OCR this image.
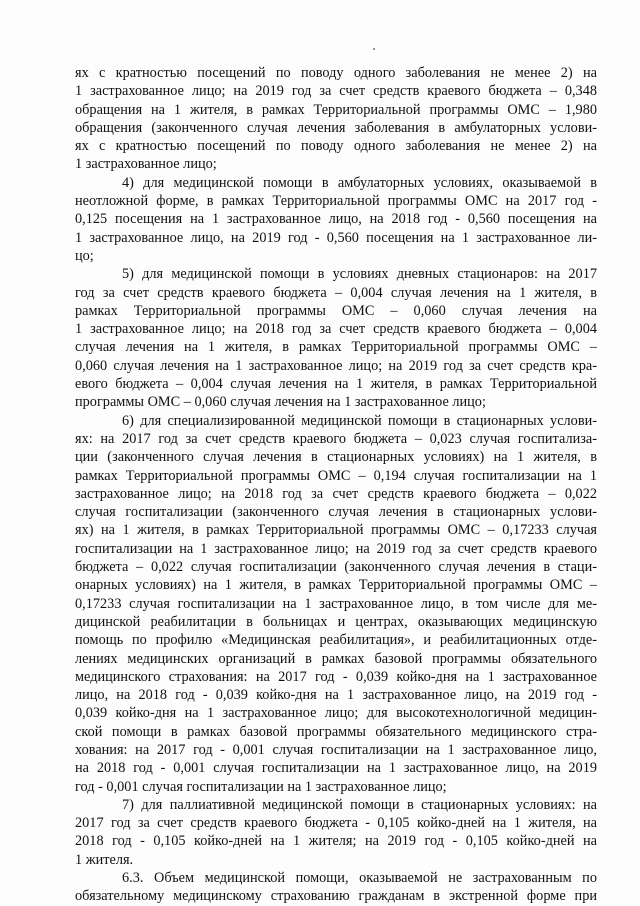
ях с кратностью посещений по поводу одного заболевания не менее 2) на
1 застрахованное лицо; на 2019 год за счет средств краевого бюджета – 0,348
обращения на 1 жителя, в рамках Территориальной программы ОМС – 1,980
обращения (законченного случая лечения заболевания в амбулаторных услови-
ях с кратностью посещений по поводу одного заболевания не менее 2) на
1 застрахованное лицо;
4) для медицинской помощи в амбулаторных условиях, оказываемой в
неотложной форме, в рамках Территориальной программы ОМС на 2017 год -
0,125 посещения на 1 застрахованное лицо, на 2018 год - 0,560 посещения на
1 застрахованное лицо, на 2019 год - 0,560 посещения на 1 застрахованное ли-
цо;
5) для медицинской помощи в условиях дневных стационаров: на 2017
год за счет средств краевого бюджета – 0,004 случая лечения на 1 жителя, в
рамках Территориальной программы ОМС – 0,060 случая лечения на
1 застрахованное лицо; на 2018 год за счет средств краевого бюджета – 0,004
случая лечения на 1 жителя, в рамках Территориальной программы ОМС –
0,060 случая лечения на 1 застрахованное лицо; на 2019 год за счет средств кра-
евого бюджета – 0,004 случая лечения на 1 жителя, в рамках Территориальной
программы ОМС – 0,060 случая лечения на 1 застрахованное лицо;
6) для специализированной медицинской помощи в стационарных услови-
ях: на 2017 год за счет средств краевого бюджета – 0,023 случая госпитализа-
ции (законченного случая лечения в стационарных условиях) на 1 жителя, в
рамках Территориальной программы ОМС – 0,194 случая госпитализации на 1
застрахованное лицо; на 2018 год за счет средств краевого бюджета – 0,022
случая госпитализации (законченного случая лечения в стационарных услови-
ях) на 1 жителя, в рамках Территориальной программы ОМС – 0,17233 случая
госпитализации на 1 застрахованное лицо; на 2019 год за счет средств краевого
бюджета – 0,022 случая госпитализации (законченного случая лечения в стаци-
онарных условиях) на 1 жителя, в рамках Территориальной программы ОМС –
0,17233 случая госпитализации на 1 застрахованное лицо, в том числе для ме-
дицинской реабилитации в больницах и центрах, оказывающих медицинскую
помощь по профилю «Медицинская реабилитация», и реабилитационных отде-
лениях медицинских организаций в рамках базовой программы обязательного
медицинского страхования: на 2017 год - 0,039 койко-дня на 1 застрахованное
лицо, на 2018 год - 0,039 койко-дня на 1 застрахованное лицо, на 2019 год -
0,039 койко-дня на 1 застрахованное лицо; для высокотехнологичной медицин-
ской помощи в рамках базовой программы обязательного медицинского стра-
хования: на 2017 год - 0,001 случая госпитализации на 1 застрахованное лицо,
на 2018 год - 0,001 случая госпитализации на 1 застрахованное лицо, на 2019
год - 0,001 случая госпитализации на 1 застрахованное лицо;
7) для паллиативной медицинской помощи в стационарных условиях: на
2017 год за счет средств краевого бюджета - 0,105 койко-дней на 1 жителя, на
2018 год - 0,105 койко-дней на 1 жителя; на 2019 год - 0,105 койко-дней на
1 жителя.
6.3. Объем медицинской помощи, оказываемой не застрахованным по
обязательному медицинскому страхованию гражданам в экстренной форме при
